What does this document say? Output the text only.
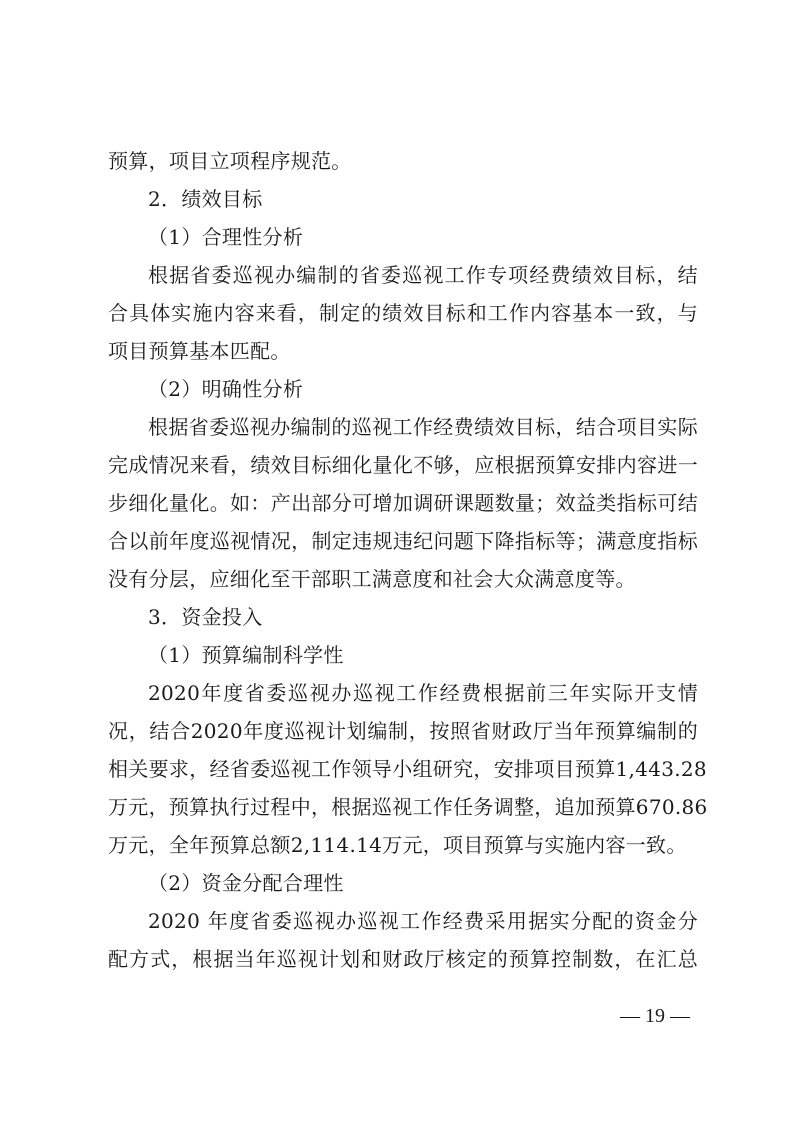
预算，项目立项程序规范。
2．绩效目标
（1）合理性分析
根据省委巡视办编制的省委巡视工作专项经费绩效目标，结
合具体实施内容来看，制定的绩效目标和工作内容基本一致，与
项目预算基本匹配。
（2）明确性分析
根据省委巡视办编制的巡视工作经费绩效目标，结合项目实际
完成情况来看，绩效目标细化量化不够，应根据预算安排内容进一
步细化量化。如：产出部分可增加调研课题数量；效益类指标可结
合以前年度巡视情况，制定违规违纪问题下降指标等；满意度指标
没有分层，应细化至干部职工满意度和社会大众满意度等。
3．资金投入
（1）预算编制科学性
2020年度省委巡视办巡视工作经费根据前三年实际开支情
况，结合2020年度巡视计划编制，按照省财政厅当年预算编制的
相关要求，经省委巡视工作领导小组研究，安排项目预算1,443.28
万元，预算执行过程中，根据巡视工作任务调整，追加预算670.86
万元，全年预算总额2,114.14万元，项目预算与实施内容一致。
（2）资金分配合理性
2020 年度省委巡视办巡视工作经费采用据实分配的资金分
配方式，根据当年巡视计划和财政厅核定的预算控制数，在汇总
— 19 —
